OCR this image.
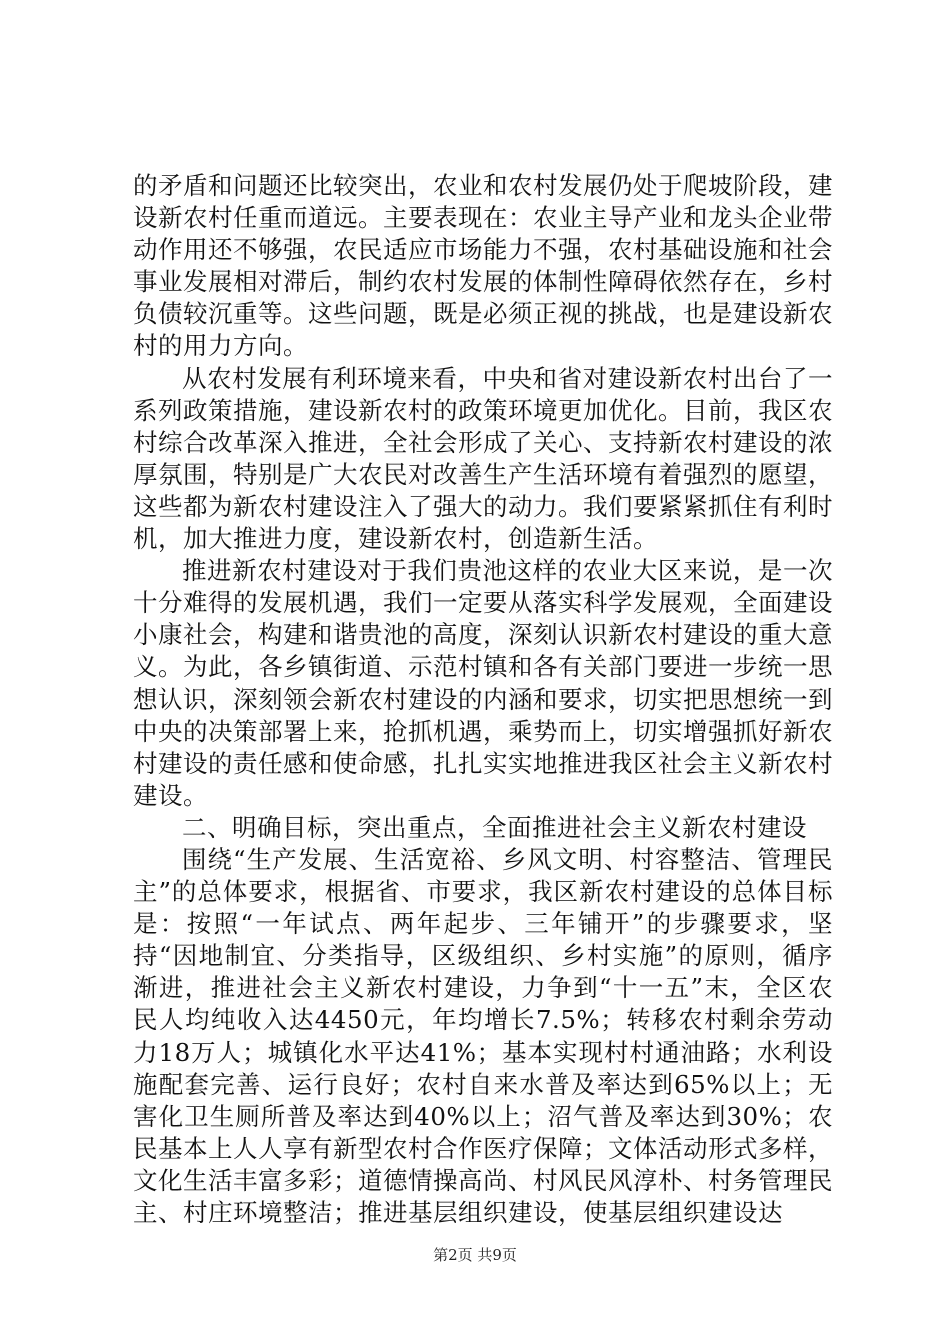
的矛盾和问题还比较突出，农业和农村发展仍处于爬坡阶段，建设新农村任重而道远。主要表现在：农业主导产业和龙头企业带动作用还不够强，农民适应市场能力不强，农村基础设施和社会事业发展相对滞后，制约农村发展的体制性障碍依然存在，乡村负债较沉重等。这些问题，既是必须正视的挑战，也是建设新农村的用力方向。

从农村发展有利环境来看，中央和省对建设新农村出台了一系列政策措施，建设新农村的政策环境更加优化。目前，我区农村综合改革深入推进，全社会形成了关心、支持新农村建设的浓厚氛围，特别是广大农民对改善生产生活环境有着强烈的愿望，这些都为新农村建设注入了强大的动力。我们要紧紧抓住有利时机，加大推进力度，建设新农村，创造新生活。

推进新农村建设对于我们贵池这样的农业大区来说，是一次十分难得的发展机遇，我们一定要从落实科学发展观，全面建设小康社会，构建和谐贵池的高度，深刻认识新农村建设的重大意义。为此，各乡镇街道、示范村镇和各有关部门要进一步统一思想认识，深刻领会新农村建设的内涵和要求，切实把思想统一到中央的决策部署上来，抢抓机遇，乘势而上，切实增强抓好新农村建设的责任感和使命感，扎扎实实地推进我区社会主义新农村建设。

二、明确目标，突出重点，全面推进社会主义新农村建设

围绕“生产发展、生活宽裕、乡风文明、村容整洁、管理民主”的总体要求，根据省、市要求，我区新农村建设的总体目标是：按照“一年试点、两年起步、三年铺开”的步骤要求，坚持“因地制宜、分类指导，区级组织、乡村实施”的原则，循序渐进，推进社会主义新农村建设，力争到“十一五”末，全区农民人均纯收入达4450元，年均增长7.5%；转移农村剩余劳动力18万人；城镇化水平达41%；基本实现村村通油路；水利设施配套完善、运行良好；农村自来水普及率达到65%以上；无害化卫生厕所普及率达到40%以上；沼气普及率达到30%；农民基本上人人享有新型农村合作医疗保障；文体活动形式多样，文化生活丰富多彩；道德情操高尚、村风民风淳朴、村务管理民主、村庄环境整洁；推进基层组织建设，使基层组织建设达

第2页 共9页
